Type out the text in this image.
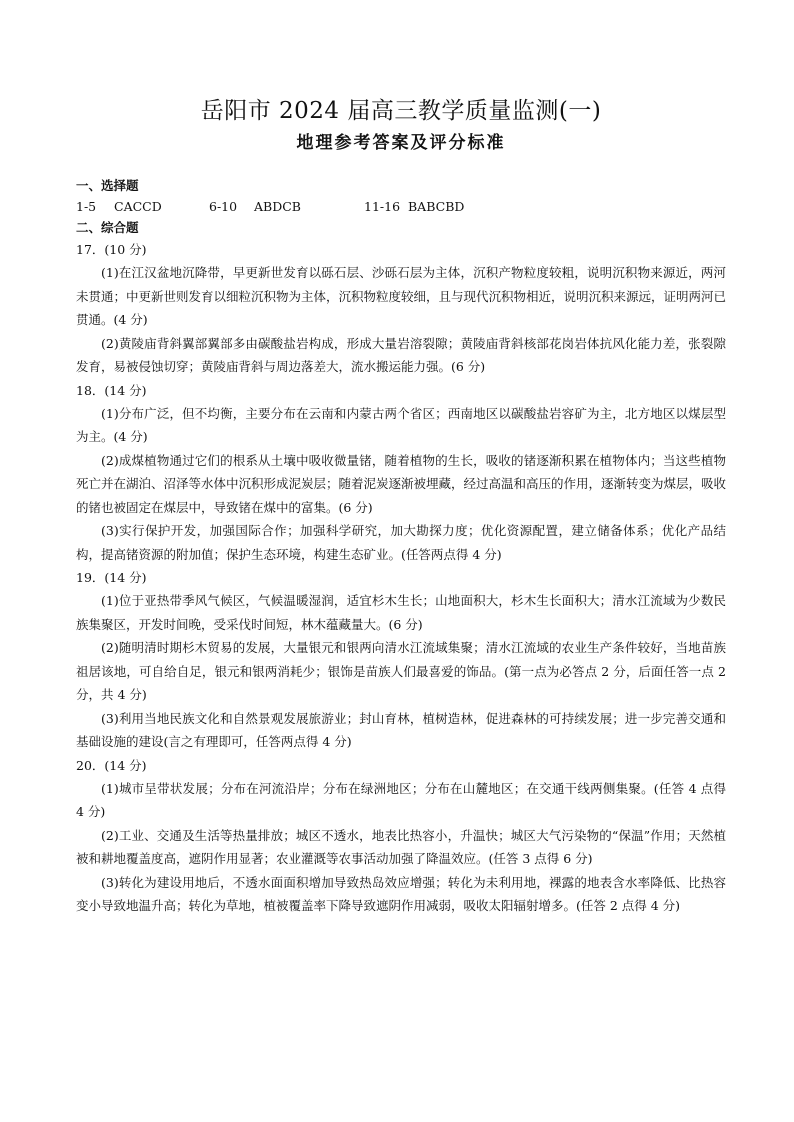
岳阳市 2024 届高三教学质量监测(一)
地理参考答案及评分标准

一、选择题

1-5 CACCD	6-10 ABDCB	11-16 BABCBD

二、综合题

17．(10 分)

(1)在江汉盆地沉降带，早更新世发育以砾石层、沙砾石层为主体，沉积产物粒度较粗，说明沉积物来源近，两河未贯通；中更新世则发育以细粒沉积物为主体，沉积物粒度较细，且与现代沉积物相近，说明沉积来源远，证明两河已贯通。(4 分)

(2)黄陵庙背斜翼部翼部多由碳酸盐岩构成，形成大量岩溶裂隙；黄陵庙背斜核部花岗岩体抗风化能力差，张裂隙发育，易被侵蚀切穿；黄陵庙背斜与周边落差大，流水搬运能力强。(6 分)

18．(14 分)

(1)分布广泛，但不均衡，主要分布在云南和内蒙古两个省区；西南地区以碳酸盐岩容矿为主，北方地区以煤层型为主。(4 分)

(2)成煤植物通过它们的根系从土壤中吸收微量锗，随着植物的生长，吸收的锗逐渐积累在植物体内；当这些植物死亡并在湖泊、沼泽等水体中沉积形成泥炭层；随着泥炭逐渐被埋藏，经过高温和高压的作用，逐渐转变为煤层，吸收的锗也被固定在煤层中，导致锗在煤中的富集。(6 分)

(3)实行保护开发，加强国际合作；加强科学研究，加大勘探力度；优化资源配置，建立储备体系；优化产品结构，提高锗资源的附加值；保护生态环境，构建生态矿业。(任答两点得 4 分)

19．(14 分)

(1)位于亚热带季风气候区，气候温暖湿润，适宜杉木生长；山地面积大，杉木生长面积大；清水江流域为少数民族集聚区，开发时间晚，受采伐时间短，林木蕴藏量大。(6 分)

(2)随明清时期杉木贸易的发展，大量银元和银两向清水江流域集聚；清水江流域的农业生产条件较好，当地苗族祖居该地，可自给自足，银元和银两消耗少；银饰是苗族人们最喜爱的饰品。(第一点为必答点 2 分，后面任答一点 2 分，共 4 分)

(3)利用当地民族文化和自然景观发展旅游业；封山育林，植树造林，促进森林的可持续发展；进一步完善交通和基础设施的建设(言之有理即可，任答两点得 4 分)

20．(14 分)

(1)城市呈带状发展；分布在河流沿岸；分布在绿洲地区；分布在山麓地区；在交通干线两侧集聚。(任答 4 点得 4 分)

(2)工业、交通及生活等热量排放；城区不透水，地表比热容小，升温快；城区大气污染物的“保温”作用；天然植被和耕地覆盖度高，遮阴作用显著；农业灌溉等农事活动加强了降温效应。(任答 3 点得 6 分)

(3)转化为建设用地后，不透水面面积增加导致热岛效应增强；转化为未利用地，裸露的地表含水率降低、比热容变小导致地温升高；转化为草地，植被覆盖率下降导致遮阴作用减弱，吸收太阳辐射增多。(任答 2 点得 4 分)
